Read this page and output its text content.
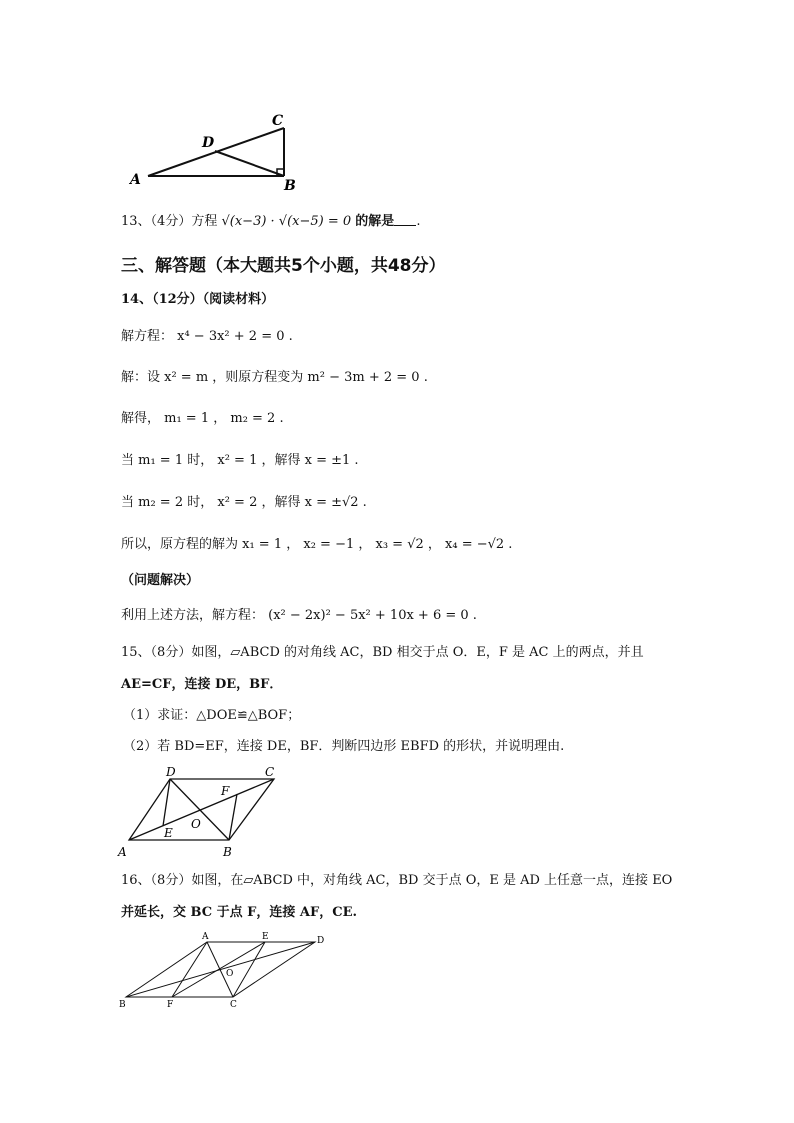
A	B
C
D
13、（4分）方程 √(x−3) · √(x−5) = 0 的解是 .
三、解答题（本大题共5个小题，共48分）
14、（12分）（阅读材料）
解方程： x⁴ − 3x² + 2 = 0 .
解：设 x² = m ，则原方程变为 m² − 3m + 2 = 0 .
解得， m₁ = 1 ， m₂ = 2 .
当 m₁ = 1 时， x² = 1 ，解得 x = ±1 .
当 m₂ = 2 时， x² = 2 ，解得 x = ±√2 .
所以，原方程的解为 x₁ = 1 ， x₂ = −1 ， x₃ = √2 ， x₄ = −√2 .
（问题解决）
利用上述方法，解方程： (x² − 2x)² − 5x² + 10x + 6 = 0 .
15、（8分）如图，▱ABCD 的对角线 AC，BD 相交于点 O．E，F 是 AC 上的两点，并且
AE=CF，连接 DE，BF．
（1）求证：△DOE≌△BOF；
（2）若 BD=EF，连接 DE，BF．判断四边形 EBFD 的形状，并说明理由.
A	B
C
D
E
F
O
16、（8分）如图，在▱ABCD 中，对角线 AC，BD 交于点 O，E 是 AD 上任意一点，连接 EO
并延长，交 BC 于点 F，连接 AF，CE.
A	E	D
B	F	C
O
